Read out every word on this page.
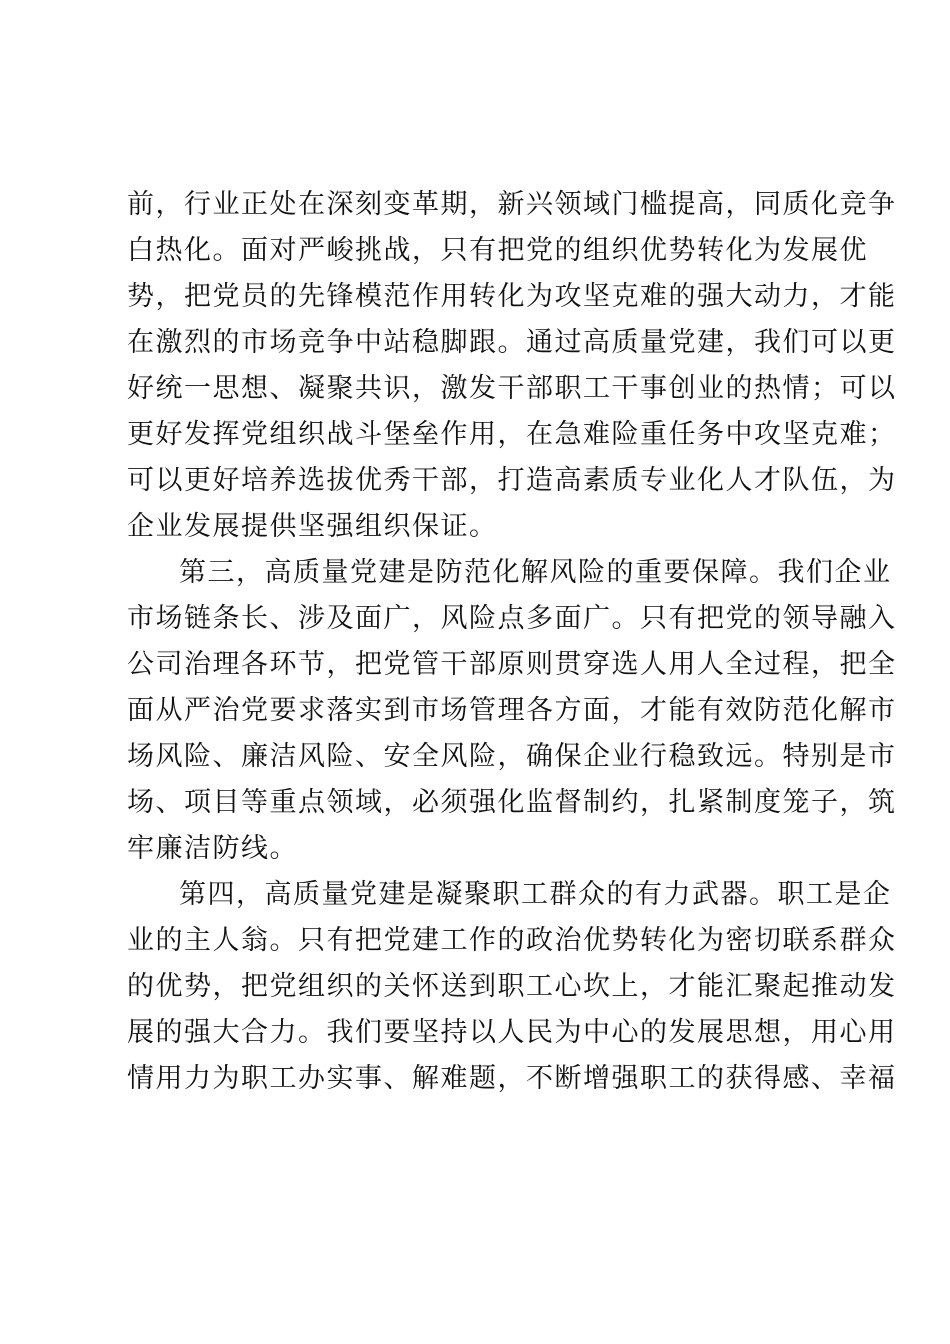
前，行业正处在深刻变革期，新兴领域门槛提高，同质化竞争
白热化。面对严峻挑战，只有把党的组织优势转化为发展优
势，把党员的先锋模范作用转化为攻坚克难的强大动力，才能
在激烈的市场竞争中站稳脚跟。通过高质量党建，我们可以更
好统一思想、凝聚共识，激发干部职工干事创业的热情；可以
更好发挥党组织战斗堡垒作用，在急难险重任务中攻坚克难；
可以更好培养选拔优秀干部，打造高素质专业化人才队伍，为
企业发展提供坚强组织保证。
第三，高质量党建是防范化解风险的重要保障。我们企业
市场链条长、涉及面广，风险点多面广。只有把党的领导融入
公司治理各环节，把党管干部原则贯穿选人用人全过程，把全
面从严治党要求落实到市场管理各方面，才能有效防范化解市
场风险、廉洁风险、安全风险，确保企业行稳致远。特别是市
场、项目等重点领域，必须强化监督制约，扎紧制度笼子，筑
牢廉洁防线。
第四，高质量党建是凝聚职工群众的有力武器。职工是企
业的主人翁。只有把党建工作的政治优势转化为密切联系群众
的优势，把党组织的关怀送到职工心坎上，才能汇聚起推动发
展的强大合力。我们要坚持以人民为中心的发展思想，用心用
情用力为职工办实事、解难题，不断增强职工的获得感、幸福
